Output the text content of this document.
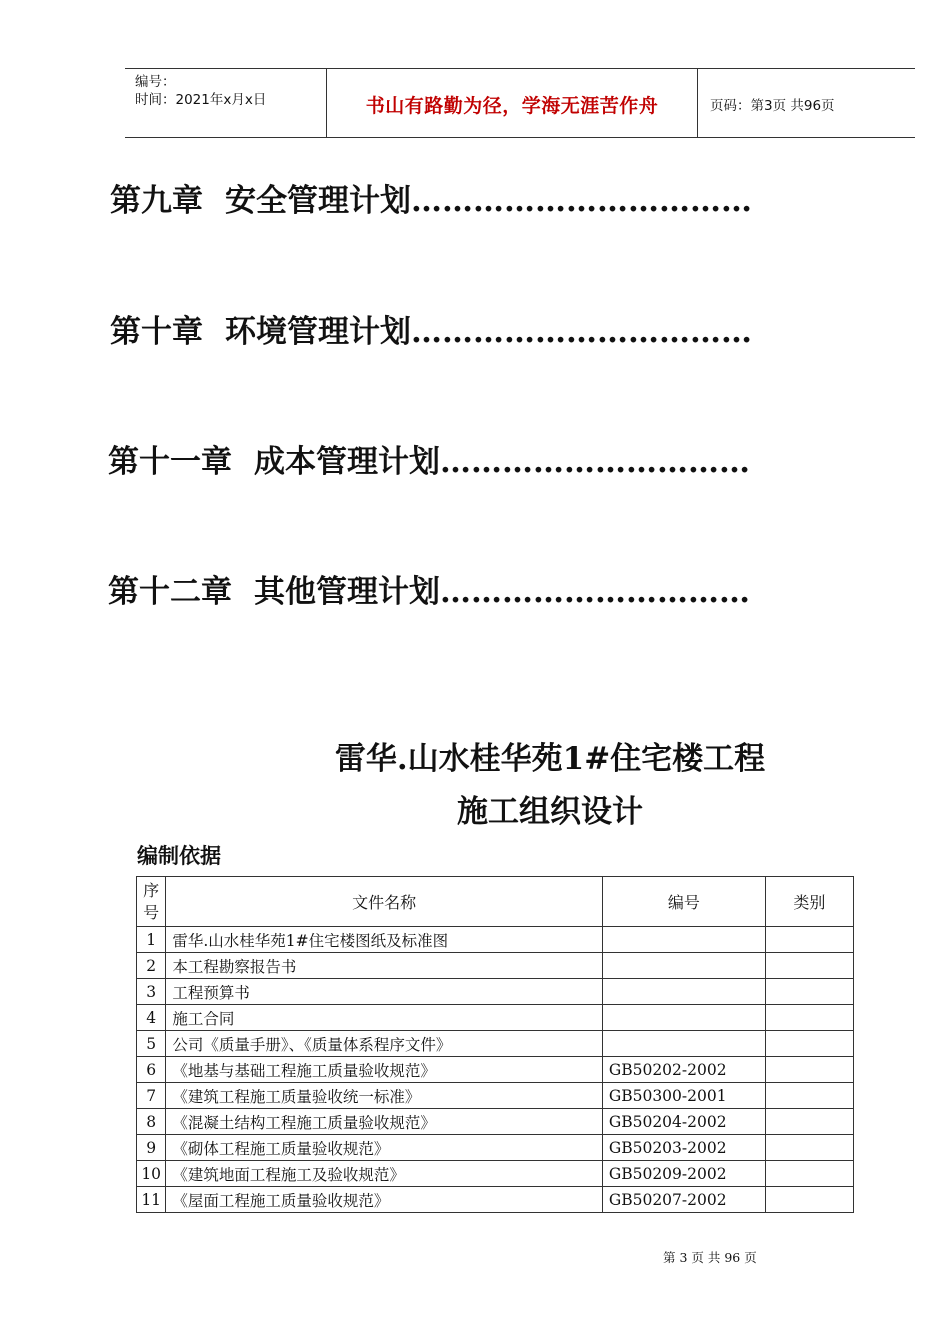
编号：
时间：2021年x月x日	书山有路勤为径，学海无涯苦作舟	页码：第3页 共96页
第九章 安全管理计划……………………………
第十章 环境管理计划……………………………
第十一章 成本管理计划…………………………
第十二章 其他管理计划…………………………
雷华.山水桂华苑1#住宅楼工程
施工组织设计
编制依据
序
号	文件名称	编号	类别
1	雷华.山水桂华苑1#住宅楼图纸及标准图		
2	本工程勘察报告书		
3	工程预算书		
4	施工合同		
5	公司《质量手册》、《质量体系程序文件》		
6	《地基与基础工程施工质量验收规范》	GB50202-2002	
7	《建筑工程施工质量验收统一标准》	GB50300-2001	
8	《混凝土结构工程施工质量验收规范》	GB50204-2002	
9	《砌体工程施工质量验收规范》	GB50203-2002	
10	《建筑地面工程施工及验收规范》	GB50209-2002	
11	《屋面工程施工质量验收规范》	GB50207-2002	
第 3 页 共 96 页
